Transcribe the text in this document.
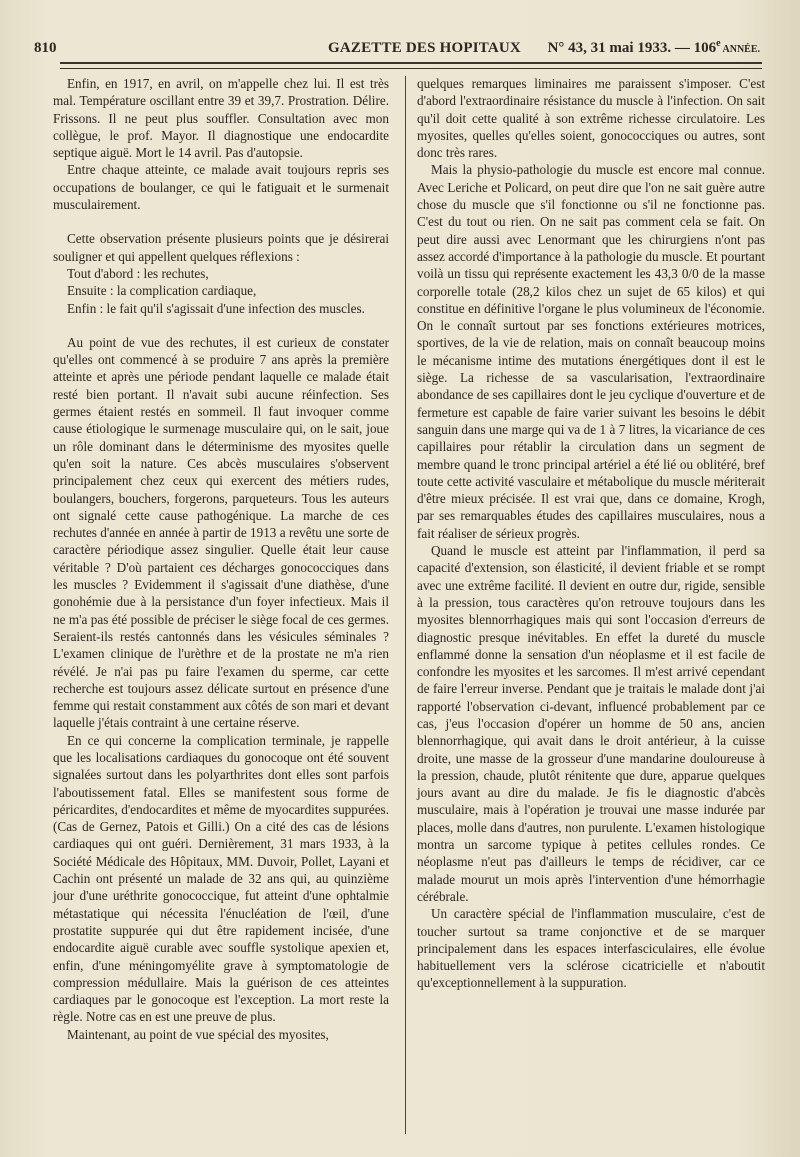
810	GAZETTE DES HOPITAUX N° 43, 31 mai 1933. — 106e ANNÉE.

Enfin, en 1917, en avril, on m'appelle chez lui. Il est très mal. Température oscillant entre 39 et 39,7. Prostration. Délire. Frissons. Il ne peut plus souffler. Consultation avec mon collègue, le prof. Mayor. Il diagnostique une endocardite septique aiguë. Mort le 14 avril. Pas d'autopsie.

Entre chaque atteinte, ce malade avait toujours repris ses occupations de boulanger, ce qui le fatiguait et le surmenait musculairement.

Cette observation présente plusieurs points que je désirerai souligner et qui appellent quelques réflexions :

Tout d'abord : les rechutes,

Ensuite : la complication cardiaque,

Enfin : le fait qu'il s'agissait d'une infection des muscles.

Au point de vue des rechutes, il est curieux de constater qu'elles ont commencé à se produire 7 ans après la première atteinte et après une période pendant laquelle ce malade était resté bien portant. Il n'avait subi aucune réinfection. Ses germes étaient restés en sommeil. Il faut invoquer comme cause étiologique le surmenage musculaire qui, on le sait, joue un rôle dominant dans le déterminisme des myosites quelle qu'en soit la nature. Ces abcès musculaires s'observent principalement chez ceux qui exercent des métiers rudes, boulangers, bouchers, forgerons, parqueteurs. Tous les auteurs ont signalé cette cause pathogénique. La marche de ces rechutes d'année en année à partir de 1913 a revêtu une sorte de caractère périodique assez singulier. Quelle était leur cause véritable ? D'où partaient ces décharges gonococciques dans les muscles ? Evidemment il s'agissait d'une diathèse, d'une gonohémie due à la persistance d'un foyer infectieux. Mais il ne m'a pas été possible de préciser le siège focal de ces germes. Seraient-ils restés cantonnés dans les vésicules séminales ? L'examen clinique de l'urèthre et de la prostate ne m'a rien révélé. Je n'ai pas pu faire l'examen du sperme, car cette recherche est toujours assez délicate surtout en présence d'une femme qui restait constamment aux côtés de son mari et devant laquelle j'étais contraint à une certaine réserve.

En ce qui concerne la complication terminale, je rappelle que les localisations cardiaques du gonocoque ont été souvent signalées surtout dans les polyarthrites dont elles sont parfois l'aboutissement fatal. Elles se manifestent sous forme de péricardites, d'endocardites et même de myocardites suppurées. (Cas de Gernez, Patois et Gilli.) On a cité des cas de lésions cardiaques qui ont guéri. Dernièrement, 31 mars 1933, à la Société Médicale des Hôpitaux, MM. Duvoir, Pollet, Layani et Cachin ont présenté un malade de 32 ans qui, au quinzième jour d'une uréthrite gonococcique, fut atteint d'une ophtalmie métastatique qui nécessita l'énucléation de l'œil, d'une prostatite suppurée qui dut être rapidement incisée, d'une endocardite aiguë curable avec souffle systolique apexien et, enfin, d'une méningomyélite grave à symptomatologie de compression médullaire. Mais la guérison de ces atteintes cardiaques par le gonocoque est l'exception. La mort reste la règle. Notre cas en est une preuve de plus.

Maintenant, au point de vue spécial des myosites,

quelques remarques liminaires me paraissent s'imposer. C'est d'abord l'extraordinaire résistance du muscle à l'infection. On sait qu'il doit cette qualité à son extrême richesse circulatoire. Les myosites, quelles qu'elles soient, gonococciques ou autres, sont donc très rares.

Mais la physio-pathologie du muscle est encore mal connue. Avec Leriche et Policard, on peut dire que l'on ne sait guère autre chose du muscle que s'il fonctionne ou s'il ne fonctionne pas. C'est du tout ou rien. On ne sait pas comment cela se fait. On peut dire aussi avec Lenormant que les chirurgiens n'ont pas assez accordé d'importance à la pathologie du muscle. Et pourtant voilà un tissu qui représente exactement les 43,3 0/0 de la masse corporelle totale (28,2 kilos chez un sujet de 65 kilos) et qui constitue en définitive l'organe le plus volumineux de l'économie. On le connaît surtout par ses fonctions extérieures motrices, sportives, de la vie de relation, mais on connaît beaucoup moins le mécanisme intime des mutations énergétiques dont il est le siège. La richesse de sa vascularisation, l'extraordinaire abondance de ses capillaires dont le jeu cyclique d'ouverture et de fermeture est capable de faire varier suivant les besoins le débit sanguin dans une marge qui va de 1 à 7 litres, la vicariance de ces capillaires pour rétablir la circulation dans un segment de membre quand le tronc principal artériel a été lié ou oblitéré, bref toute cette activité vasculaire et métabolique du muscle mériterait d'être mieux précisée. Il est vrai que, dans ce domaine, Krogh, par ses remarquables études des capillaires musculaires, nous a fait réaliser de sérieux progrès.

Quand le muscle est atteint par l'inflammation, il perd sa capacité d'extension, son élasticité, il devient friable et se rompt avec une extrême facilité. Il devient en outre dur, rigide, sensible à la pression, tous caractères qu'on retrouve toujours dans les myosites blennorrhagiques mais qui sont l'occasion d'erreurs de diagnostic presque inévitables. En effet la dureté du muscle enflammé donne la sensation d'un néoplasme et il est facile de confondre les myosites et les sarcomes. Il m'est arrivé cependant de faire l'erreur inverse. Pendant que je traitais le malade dont j'ai rapporté l'observation ci-devant, influencé probablement par ce cas, j'eus l'occasion d'opérer un homme de 50 ans, ancien blennorrhagique, qui avait dans le droit antérieur, à la cuisse droite, une masse de la grosseur d'une mandarine douloureuse à la pression, chaude, plutôt rénitente que dure, apparue quelques jours avant au dire du malade. Je fis le diagnostic d'abcès musculaire, mais à l'opération je trouvai une masse indurée par places, molle dans d'autres, non purulente. L'examen histologique montra un sarcome typique à petites cellules rondes. Ce néoplasme n'eut pas d'ailleurs le temps de récidiver, car ce malade mourut un mois après l'intervention d'une hémorrhagie cérébrale.

Un caractère spécial de l'inflammation musculaire, c'est de toucher surtout sa trame conjonctive et de se marquer principalement dans les espaces interfasciculaires, elle évolue habituellement vers la sclérose cicatricielle et n'aboutit qu'exceptionnellement à la suppuration.
